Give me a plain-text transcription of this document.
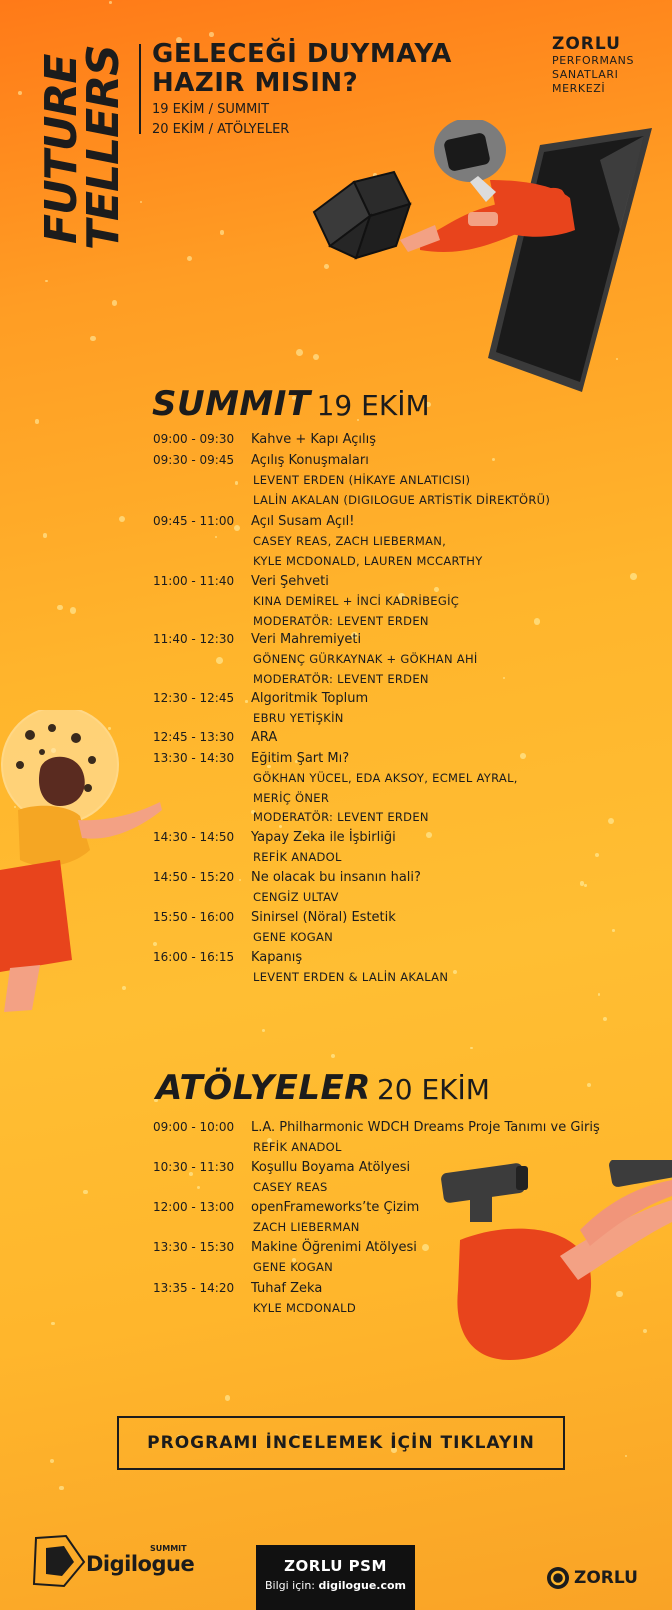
FUTURE
TELLERS GELECEĞİ DUYMAYA
HAZIR MISIN?
19 EKİM / SUMMIT
20 EKİM / ATÖLYELER
ZORLU
PERFORMANS
SANATLARI
MERKEZİ
SUMMIT 19 EKİM
09:00 - 09:30 Kahve + Kapı Açılış
09:30 - 09:45 Açılış Konuşmaları
LEVENT ERDEN (HİKAYE ANLATICISI)
LALİN AKALAN (DIGILOGUE ARTİSTİK DİREKTÖRÜ)
09:45 - 11:00 Açıl Susam Açıl!
CASEY REAS, ZACH LIEBERMAN,
KYLE MCDONALD, LAUREN MCCARTHY
11:00 - 11:40 Veri Şehveti
KINA DEMİREL + İNCİ KADRİBEGİÇ
MODERATÖR: LEVENT ERDEN
11:40 - 12:30 Veri Mahremiyeti
GÖNENÇ GÜRKAYNAK + GÖKHAN AHİ
MODERATÖR: LEVENT ERDEN
12:30 - 12:45 Algoritmik Toplum
EBRU YETİŞKİN
12:45 - 13:30 ARA
13:30 - 14:30 Eğitim Şart Mı?
GÖKHAN YÜCEL, EDA AKSOY, ECMEL AYRAL,
MERİÇ ÖNER
MODERATÖR: LEVENT ERDEN
14:30 - 14:50 Yapay Zeka ile İşbirliği
REFİK ANADOL
14:50 - 15:20 Ne olacak bu insanın hali?
CENGİZ ULTAV
15:50 - 16:00 Sinirsel (Nöral) Estetik
GENE KOGAN
16:00 - 16:15 Kapanış
LEVENT ERDEN & LALİN AKALAN
ATÖLYELER 20 EKİM
09:00 - 10:00 L.A. Philharmonic WDCH Dreams Proje Tanımı ve Giriş
REFİK ANADOL
10:30 - 11:30 Koşullu Boyama Atölyesi
CASEY REAS
12:00 - 13:00 openFrameworks’te Çizim
ZACH LIEBERMAN
13:30 - 15:30 Makine Öğrenimi Atölyesi
GENE KOGAN
13:35 - 14:20 Tuhaf Zeka
KYLE MCDONALD
PROGRAMI İNCELEMEK İÇİN TIKLAYIN
SUMMIT
Digilogue	ZORLU PSM
Bilgi için: digilogue.com	ZORLU
